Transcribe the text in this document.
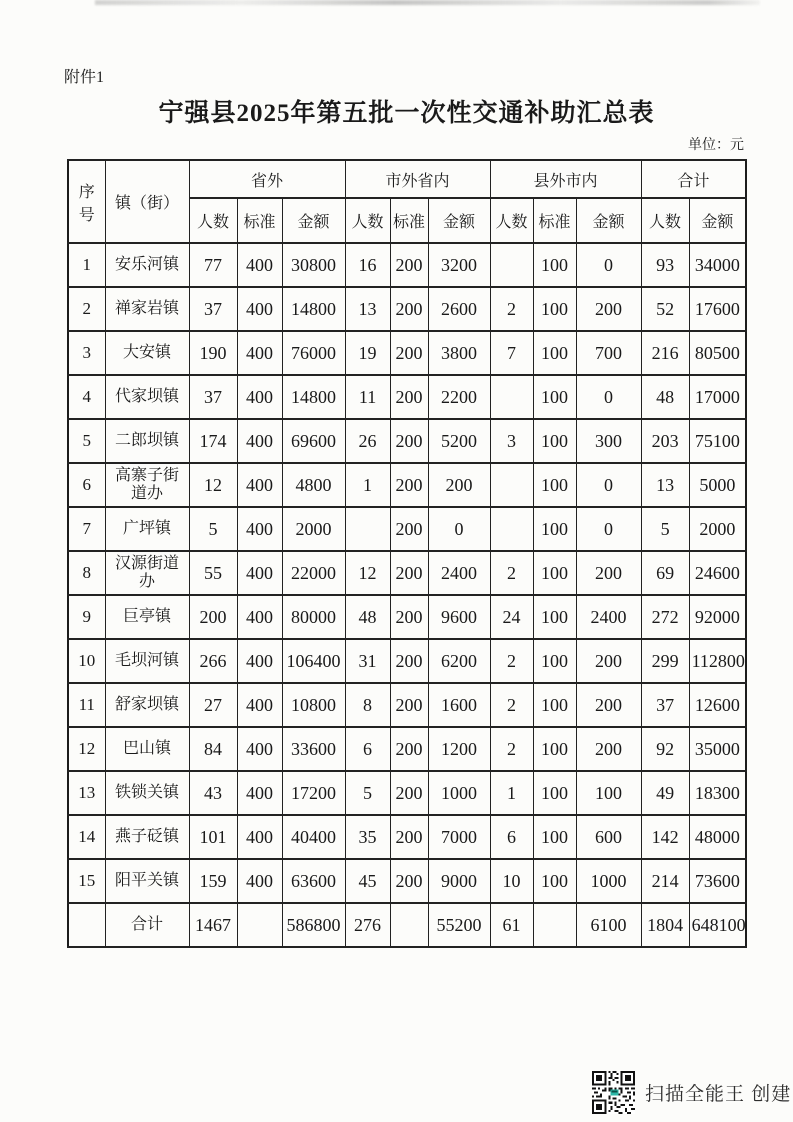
附件1
宁强县2025年第五批一次性交通补助汇总表
单位：元
序号	镇（街）	省外			市外省内			县外市内			合计	
		人数	标准	金额	人数	标准	金额	人数	标准	金额	人数	金额
1	安乐河镇	77	400	30800	16	200	3200		100	0	93	34000
2	禅家岩镇	37	400	14800	13	200	2600	2	100	200	52	17600
3	大安镇	190	400	76000	19	200	3800	7	100	700	216	80500
4	代家坝镇	37	400	14800	11	200	2200		100	0	48	17000
5	二郎坝镇	174	400	69600	26	200	5200	3	100	300	203	75100
6	高寨子街道办	12	400	4800	1	200	200		100	0	13	5000
7	广坪镇	5	400	2000		200	0		100	0	5	2000
8	汉源街道办	55	400	22000	12	200	2400	2	100	200	69	24600
9	巨亭镇	200	400	80000	48	200	9600	24	100	2400	272	92000
10	毛坝河镇	266	400	106400	31	200	6200	2	100	200	299	112800
11	舒家坝镇	27	400	10800	8	200	1600	2	100	200	37	12600
12	巴山镇	84	400	33600	6	200	1200	2	100	200	92	35000
13	铁锁关镇	43	400	17200	5	200	1000	1	100	100	49	18300
14	燕子砭镇	101	400	40400	35	200	7000	6	100	600	142	48000
15	阳平关镇	159	400	63600	45	200	9000	10	100	1000	214	73600
	合计	1467		586800	276		55200	61		6100	1804	648100
扫描全能王 创建
